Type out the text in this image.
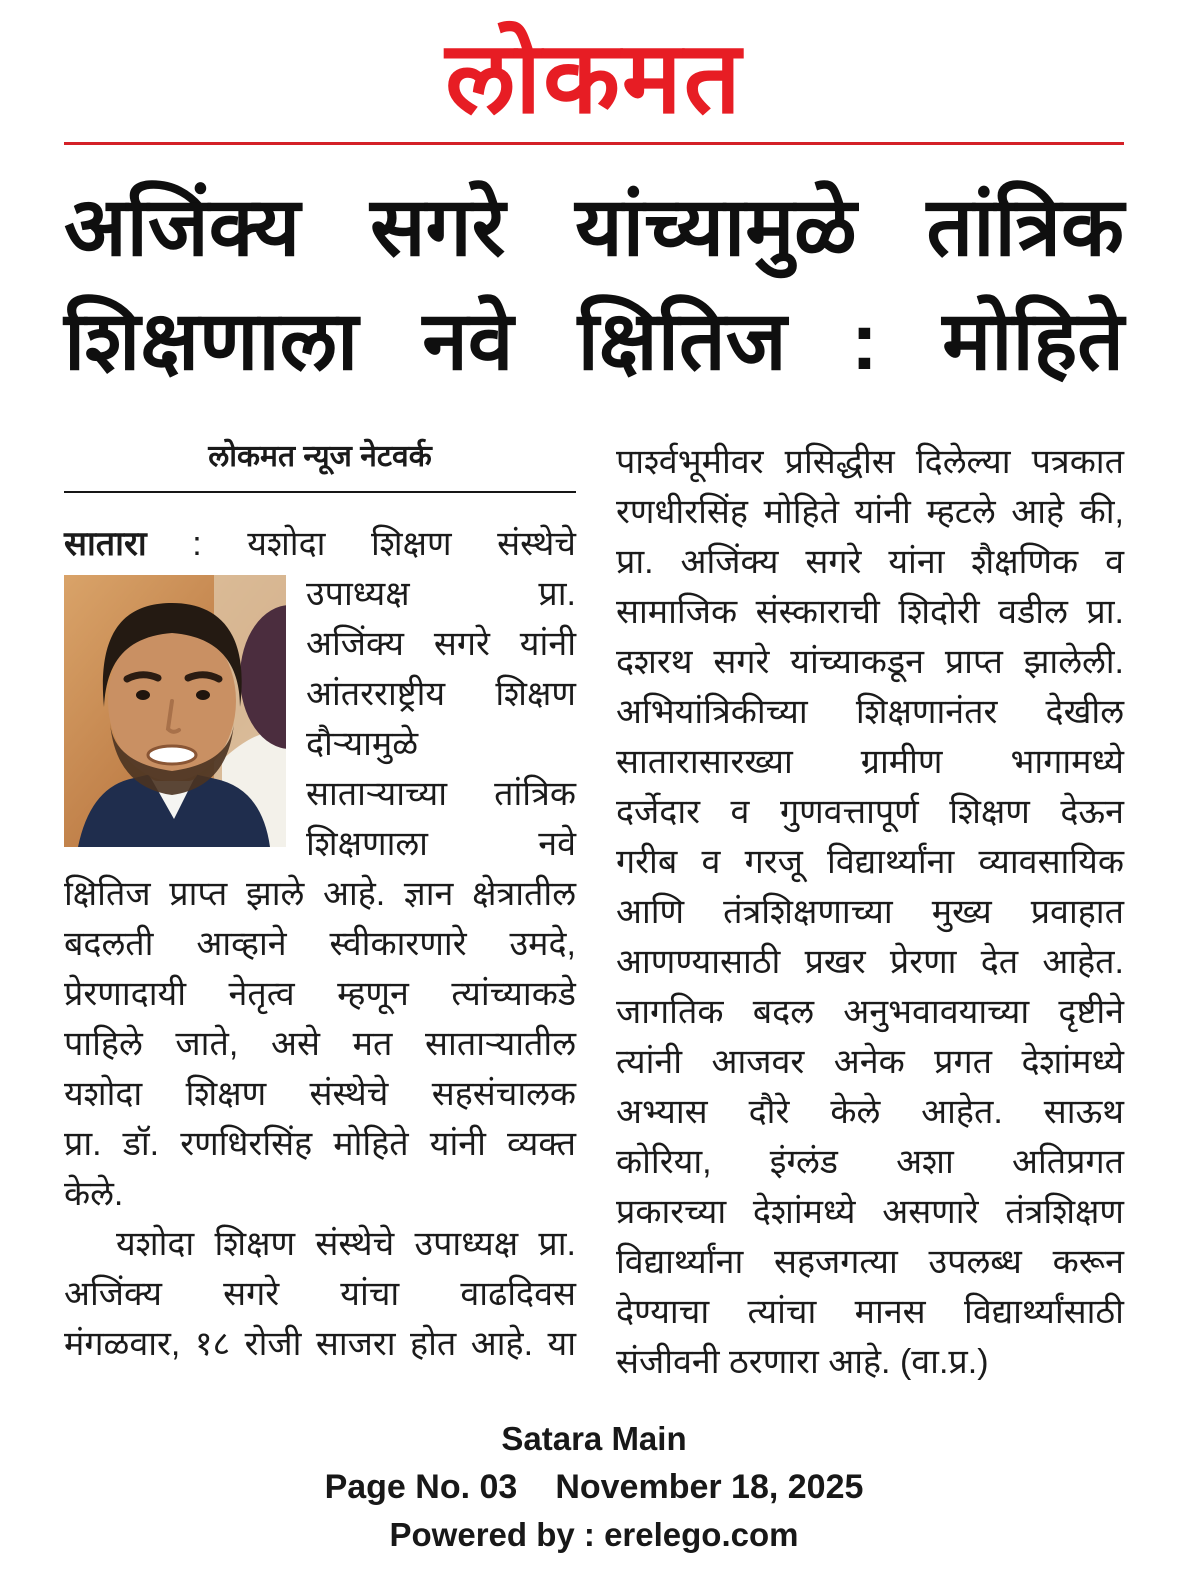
लोकमत
अजिंक्य सगरे यांच्यामुळे तांत्रिक
शिक्षणाला नवे क्षितिज : मोहिते
लोकमत न्यूज नेटवर्क
सातारा : यशोदा शिक्षण संस्थेचे
उपाध्यक्ष प्रा.
अजिंक्य सगरे यांनी
आंतरराष्ट्रीय शिक्षण
दौऱ्यामुळे
साताऱ्याच्या तांत्रिक
शिक्षणाला नवे
क्षितिज प्राप्त झाले आहे. ज्ञान क्षेत्रातील
बदलती आव्हाने स्वीकारणारे उमदे,
प्रेरणादायी नेतृत्व म्हणून त्यांच्याकडे
पाहिले जाते, असे मत साताऱ्यातील
यशोदा शिक्षण संस्थेचे सहसंचालक
प्रा. डॉ. रणधिरसिंह मोहिते यांनी व्यक्त
केले.
यशोदा शिक्षण संस्थेचे उपाध्यक्ष प्रा.
अजिंक्य सगरे यांचा वाढदिवस
मंगळवार, १८ रोजी साजरा होत आहे. या
पार्श्वभूमीवर प्रसिद्धीस दिलेल्या पत्रकात
रणधीरसिंह मोहिते यांनी म्हटले आहे की,
प्रा. अजिंक्य सगरे यांना शैक्षणिक व
सामाजिक संस्काराची शिदोरी वडील प्रा.
दशरथ सगरे यांच्याकडून प्राप्त झालेली.
अभियांत्रिकीच्या शिक्षणानंतर देखील
सातारासारख्या ग्रामीण भागामध्ये
दर्जेदार व गुणवत्तापूर्ण शिक्षण देऊन
गरीब व गरजू विद्यार्थ्यांना व्यावसायिक
आणि तंत्रशिक्षणाच्या मुख्य प्रवाहात
आणण्यासाठी प्रखर प्रेरणा देत आहेत.
जागतिक बदल अनुभवावयाच्या दृष्टीने
त्यांनी आजवर अनेक प्रगत देशांमध्ये
अभ्यास दौरे केले आहेत. साऊथ
कोरिया, इंग्लंड अशा अतिप्रगत
प्रकारच्या देशांमध्ये असणारे तंत्रशिक्षण
विद्यार्थ्यांना सहजगत्या उपलब्ध करून
देण्याचा त्यांचा मानस विद्यार्थ्यांसाठी
संजीवनी ठरणारा आहे. (वा.प्र.)
Satara Main
Page No. 03 November 18, 2025
Powered by : erelego.com
